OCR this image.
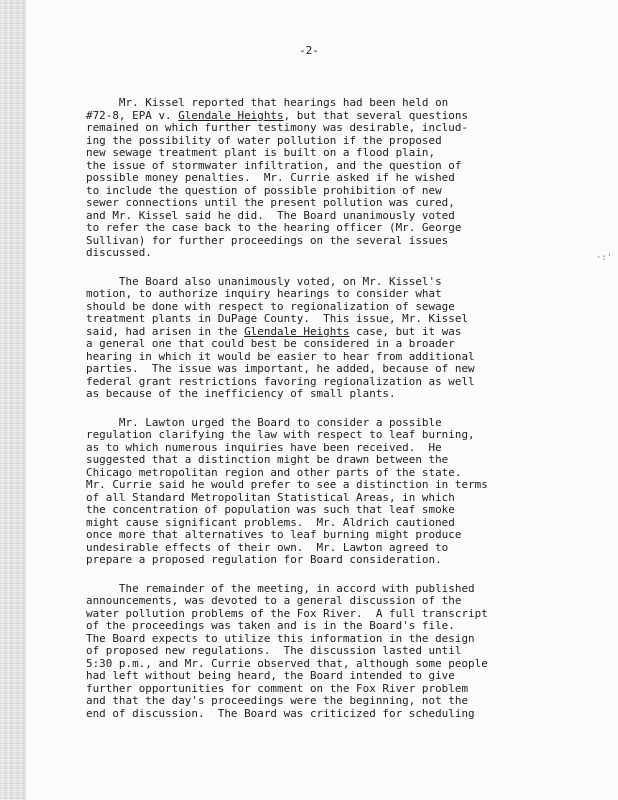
·:'

-2-

Mr. Kissel reported that hearings had been held on
#72-8, EPA v. Glendale Heights, but that several questions
remained on which further testimony was desirable, includ-
ing the possibility of water pollution if the proposed
new sewage treatment plant is built on a flood plain,
the issue of stormwater infiltration, and the question of
possible money penalties.  Mr. Currie asked if he wished
to include the question of possible prohibition of new
sewer connections until the present pollution was cured,
and Mr. Kissel said he did.  The Board unanimously voted
to refer the case back to the hearing officer (Mr. George
Sullivan) for further proceedings on the several issues
discussed.
The Board also unanimously voted, on Mr. Kissel's
motion, to authorize inquiry hearings to consider what
should be done with respect to regionalization of sewage
treatment plants in DuPage County.  This issue, Mr. Kissel
said, had arisen in the Glendale Heights case, but it was
a general one that could best be considered in a broader
hearing in which it would be easier to hear from additional
parties.  The issue was important, he added, because of new
federal grant restrictions favoring regionalization as well
as because of the inefficiency of small plants.
Mr. Lawton urged the Board to consider a possible
regulation clarifying the law with respect to leaf burning,
as to which numerous inquiries have been received.  He
suggested that a distinction might be drawn between the
Chicago metropolitan region and other parts of the state.
Mr. Currie said he would prefer to see a distinction in terms
of all Standard Metropolitan Statistical Areas, in which
the concentration of population was such that leaf smoke
might cause significant problems.  Mr. Aldrich cautioned
once more that alternatives to leaf burning might produce
undesirable effects of their own.  Mr. Lawton agreed to
prepare a proposed regulation for Board consideration.
The remainder of the meeting, in accord with published
announcements, was devoted to a general discussion of the
water pollution problems of the Fox River.  A full transcript
of the proceedings was taken and is in the Board's file.
The Board expects to utilize this information in the design
of proposed new regulations.  The discussion lasted until
5:30 p.m., and Mr. Currie observed that, although some people
had left without being heard, the Board intended to give
further opportunities for comment on the Fox River problem
and that the day's proceedings were the beginning, not the
end of discussion.  The Board was criticized for scheduling
